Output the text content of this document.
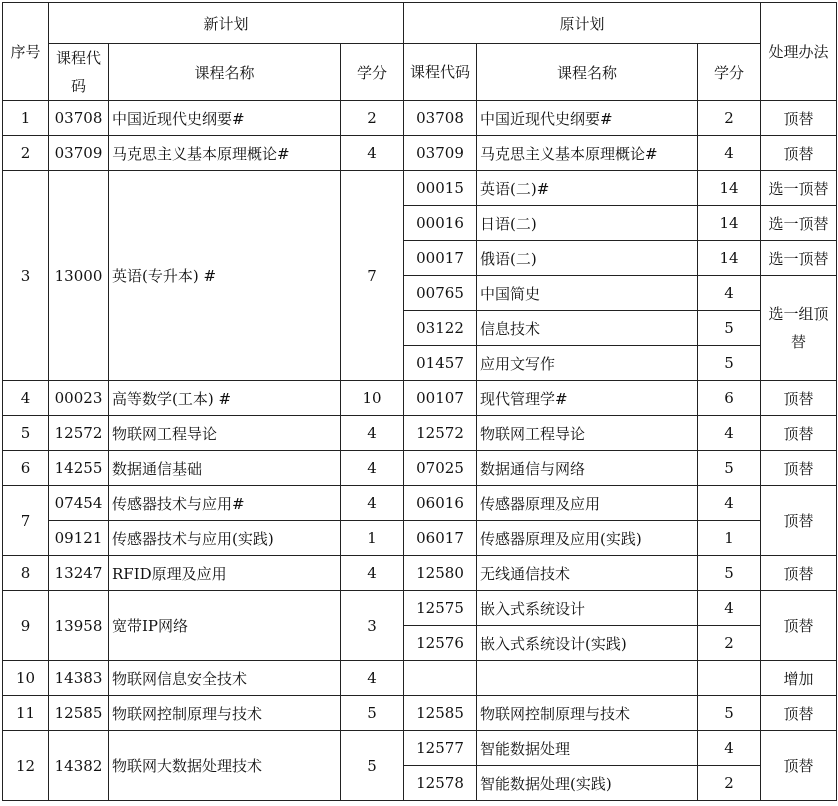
序号	新计划			原计划			处理办法
	课程代码	课程名称	学分	课程代码	课程名称	学分	
1	03708	中国近现代史纲要#	2	03708	中国近现代史纲要#	2	顶替
2	03709	马克思主义基本原理概论#	4	03709	马克思主义基本原理概论#	4	顶替
3	13000	英语(专升本) #	7	00015	英语(二)#	14	选一顶替
				00016	日语(二)	14	选一顶替
				00017	俄语(二)	14	选一顶替
				00765	中国简史	4	选一组顶替
				03122	信息技术	5	
				01457	应用文写作	5	
4	00023	高等数学(工本) #	10	00107	现代管理学#	6	顶替
5	12572	物联网工程导论	4	12572	物联网工程导论	4	顶替
6	14255	数据通信基础	4	07025	数据通信与网络	5	顶替
7	07454	传感器技术与应用#	4	06016	传感器原理及应用	4	顶替
	09121	传感器技术与应用(实践)	1	06017	传感器原理及应用(实践)	1	
8	13247	RFID原理及应用	4	12580	无线通信技术	5	顶替
9	13958	宽带IP网络	3	12575	嵌入式系统设计	4	顶替
				12576	嵌入式系统设计(实践)	2	
10	14383	物联网信息安全技术	4				增加
11	12585	物联网控制原理与技术	5	12585	物联网控制原理与技术	5	顶替
12	14382	物联网大数据处理技术	5	12577	智能数据处理	4	顶替
				12578	智能数据处理(实践)	2	
